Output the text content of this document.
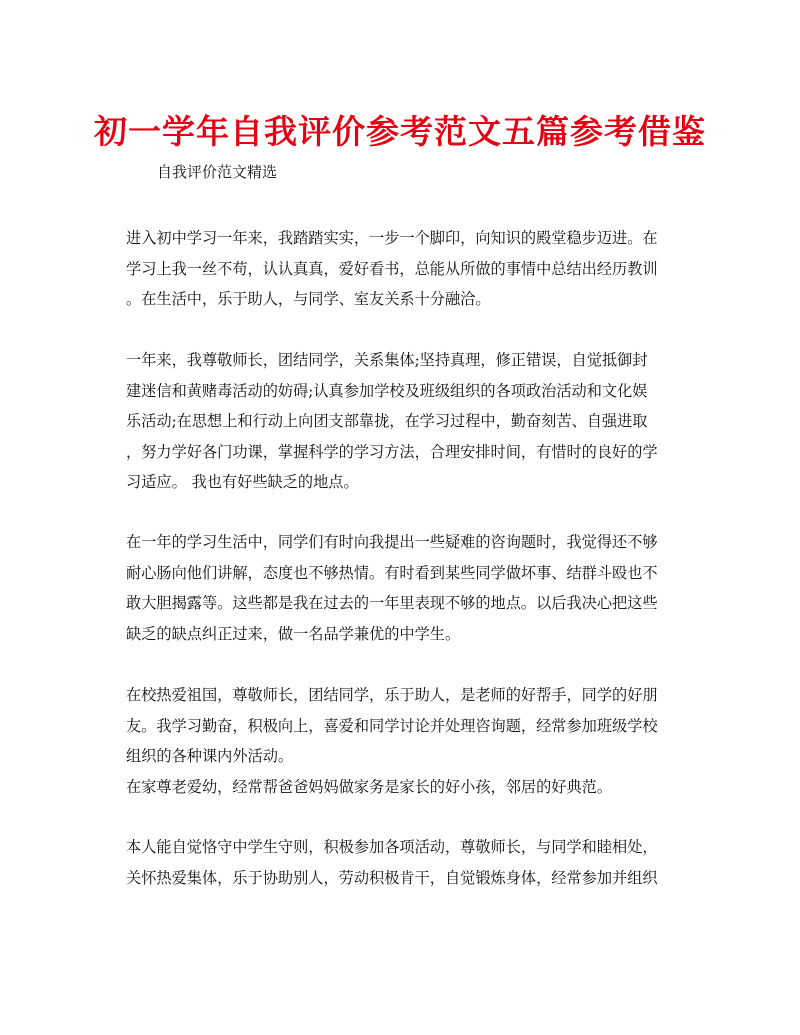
初一学年自我评价参考范文五篇参考借鉴

自我评价范文精选

进入初中学习一年来，我踏踏实实，一步一个脚印，向知识的殿堂稳步迈进。在
学习上我一丝不苟，认认真真，爱好看书，总能从所做的事情中总结出经历教训
。在生活中，乐于助人，与同学、室友关系十分融洽。

一年来，我尊敬师长，团结同学，关系集体;坚持真理，修正错误，自觉抵御封
建迷信和黄赌毒活动的妨碍;认真参加学校及班级组织的各项政治活动和文化娱
乐活动;在思想上和行动上向团支部靠拢，在学习过程中，勤奋刻苦、自强进取
，努力学好各门功课，掌握科学的学习方法，合理安排时间，有惜时的良好的学
习适应。 我也有好些缺乏的地点。

在一年的学习生活中，同学们有时向我提出一些疑难的咨询题时，我觉得还不够
耐心肠向他们讲解，态度也不够热情。有时看到某些同学做坏事、结群斗殴也不
敢大胆揭露等。这些都是我在过去的一年里表现不够的地点。以后我决心把这些
缺乏的缺点纠正过来，做一名品学兼优的中学生。

在校热爱祖国，尊敬师长，团结同学，乐于助人，是老师的好帮手，同学的好朋
友。我学习勤奋，积极向上，喜爱和同学讨论并处理咨询题，经常参加班级学校
组织的各种课内外活动。
在家尊老爱幼，经常帮爸爸妈妈做家务是家长的好小孩，邻居的好典范。

本人能自觉恪守中学生守则，积极参加各项活动，尊敬师长，与同学和睦相处，
关怀热爱集体，乐于协助别人，劳动积极肯干，自觉锻炼身体，经常参加并组织
